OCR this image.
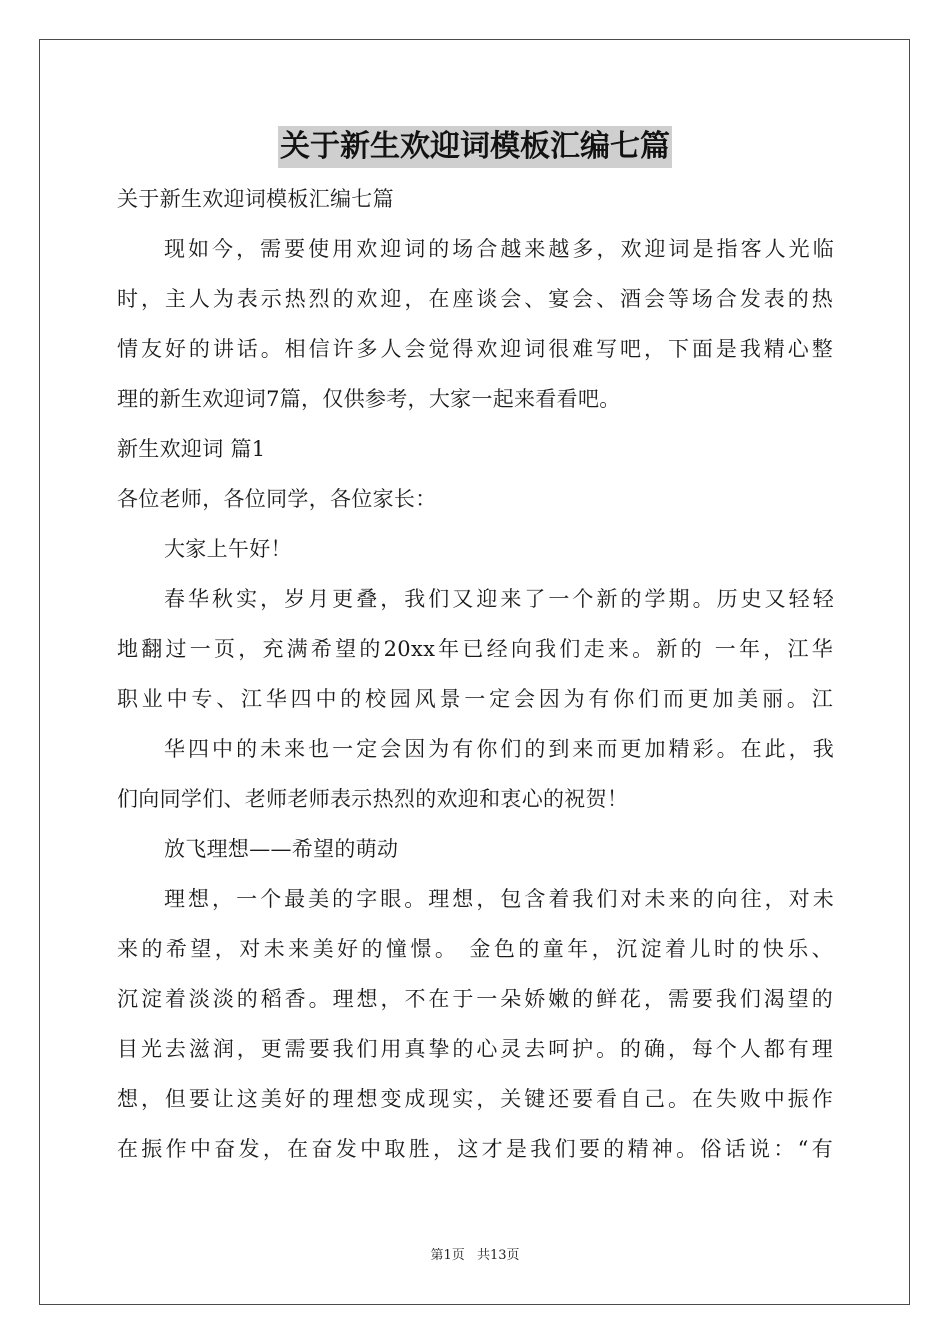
关于新生欢迎词模板汇编七篇
关于新生欢迎词模板汇编七篇
现如今，需要使用欢迎词的场合越来越多，欢迎词是指客人光临
时，主人为表示热烈的欢迎，在座谈会、宴会、酒会等场合发表的热
情友好的讲话。相信许多人会觉得欢迎词很难写吧，下面是我精心整
理的新生欢迎词7篇，仅供参考，大家一起来看看吧。
新生欢迎词 篇1
各位老师，各位同学，各位家长：
大家上午好！
春华秋实，岁月更叠，我们又迎来了一个新的学期。历史又轻轻
地翻过一页，充满希望的20xx年已经向我们走来。新的 一年，江华
职业中专、江华四中的校园风景一定会因为有你们而更加美丽。江
华四中的未来也一定会因为有你们的到来而更加精彩。在此，我
们向同学们、老师老师表示热烈的欢迎和衷心的祝贺！
放飞理想——希望的萌动
理想，一个最美的字眼。理想，包含着我们对未来的向往，对未
来的希望，对未来美好的憧憬。 金色的童年，沉淀着儿时的快乐、
沉淀着淡淡的稻香。理想，不在于一朵娇嫩的鲜花，需要我们渴望的
目光去滋润，更需要我们用真挚的心灵去呵护。的确，每个人都有理
想，但要让这美好的理想变成现实，关键还要看自己。在失败中振作
在振作中奋发，在奋发中取胜，这才是我们要的精神。俗话说：“有
第1页 共13页
